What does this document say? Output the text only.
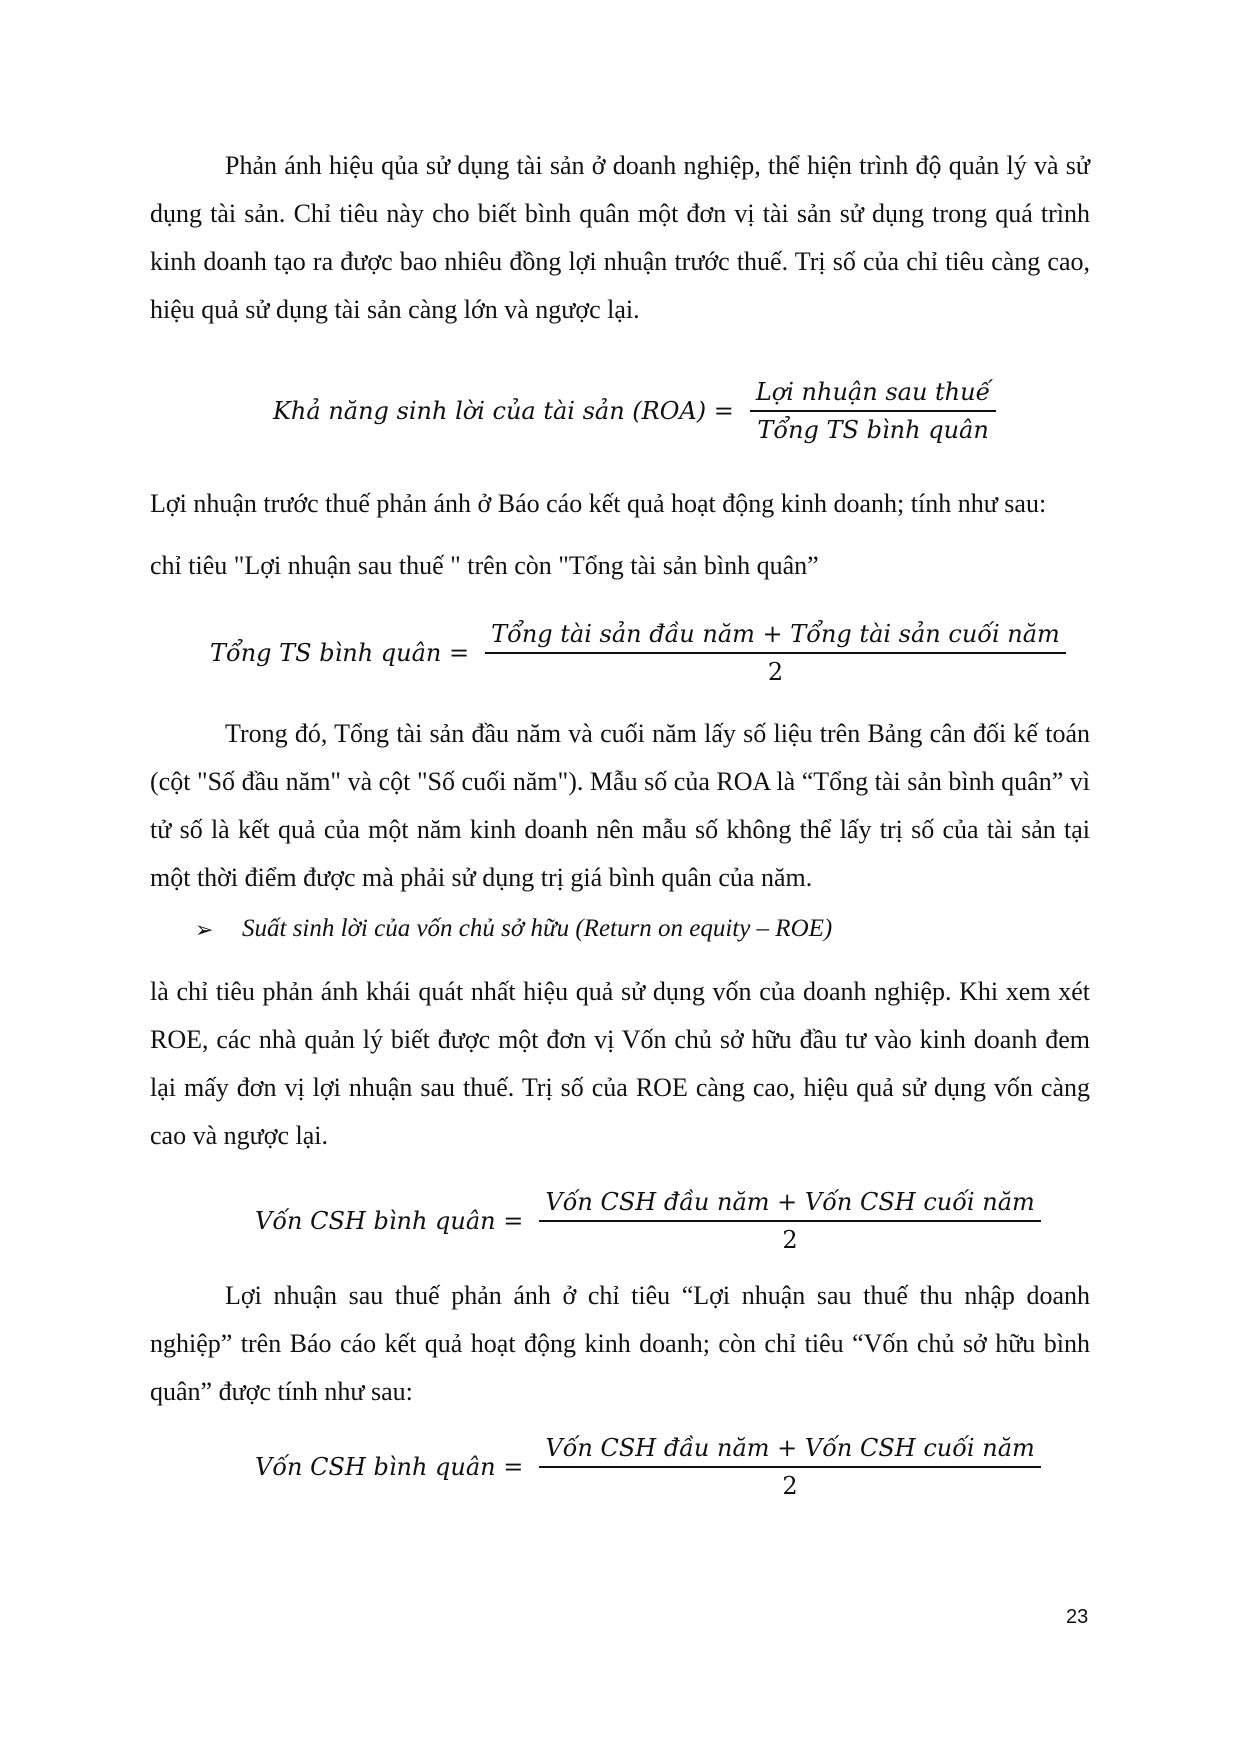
Phản ánh hiệu qủa sử dụng tài sản ở doanh nghiệp, thể hiện trình độ quản lý và sử dụng tài sản. Chỉ tiêu này cho biết bình quân một đơn vị tài sản sử dụng trong quá trình kinh doanh tạo ra được bao nhiêu đồng lợi nhuận trước thuế. Trị số của chỉ tiêu càng cao, hiệu quả sử dụng tài sản càng lớn và ngược lại.

Khả năng sinh lời của tài sản $(ROA) = \frac{\text{Lợi nhuận sau thuế}}{\text{Tổng TS bình quân}}$

Lợi nhuận trước thuế phản ánh ở Báo cáo kết quả hoạt động kinh doanh; tính như sau:

chỉ tiêu "Lợi nhuận sau thuế " trên còn "Tổng tài sản bình quân”

Tổng TS bình quân = $\frac{\text{Tổng tài sản đầu năm + Tổng tài sản cuối năm}}{2}$

Trong đó, Tổng tài sản đầu năm và cuối năm lấy số liệu trên Bảng cân đối kế toán (cột "Số đầu năm" và cột "Số cuối năm"). Mẫu số của ROA là “Tổng tài sản bình quân” vì tử số là kết quả của một năm kinh doanh nên mẫu số không thể lấy trị số của tài sản tại một thời điểm được mà phải sử dụng trị giá bình quân của năm.

➢ Suất sinh lời của vốn chủ sở hữu (Return on equity – ROE)

là chỉ tiêu phản ánh khái quát nhất hiệu quả sử dụng vốn của doanh nghiệp. Khi xem xét ROE, các nhà quản lý biết được một đơn vị Vốn chủ sở hữu đầu tư vào kinh doanh đem lại mấy đơn vị lợi nhuận sau thuế. Trị số của ROE càng cao, hiệu quả sử dụng vốn càng cao và ngược lại.

Vốn CSH bình quân = $\frac{\text{Vốn CSH đầu năm + Vốn CSH cuối năm}}{2}$

Lợi nhuận sau thuế phản ánh ở chỉ tiêu “Lợi nhuận sau thuế thu nhập doanh nghiệp” trên Báo cáo kết quả hoạt động kinh doanh; còn chỉ tiêu “Vốn chủ sở hữu bình quân” được tính như sau:

Vốn CSH bình quân = $\frac{\text{Vốn CSH đầu năm + Vốn CSH cuối năm}}{2}$
23
